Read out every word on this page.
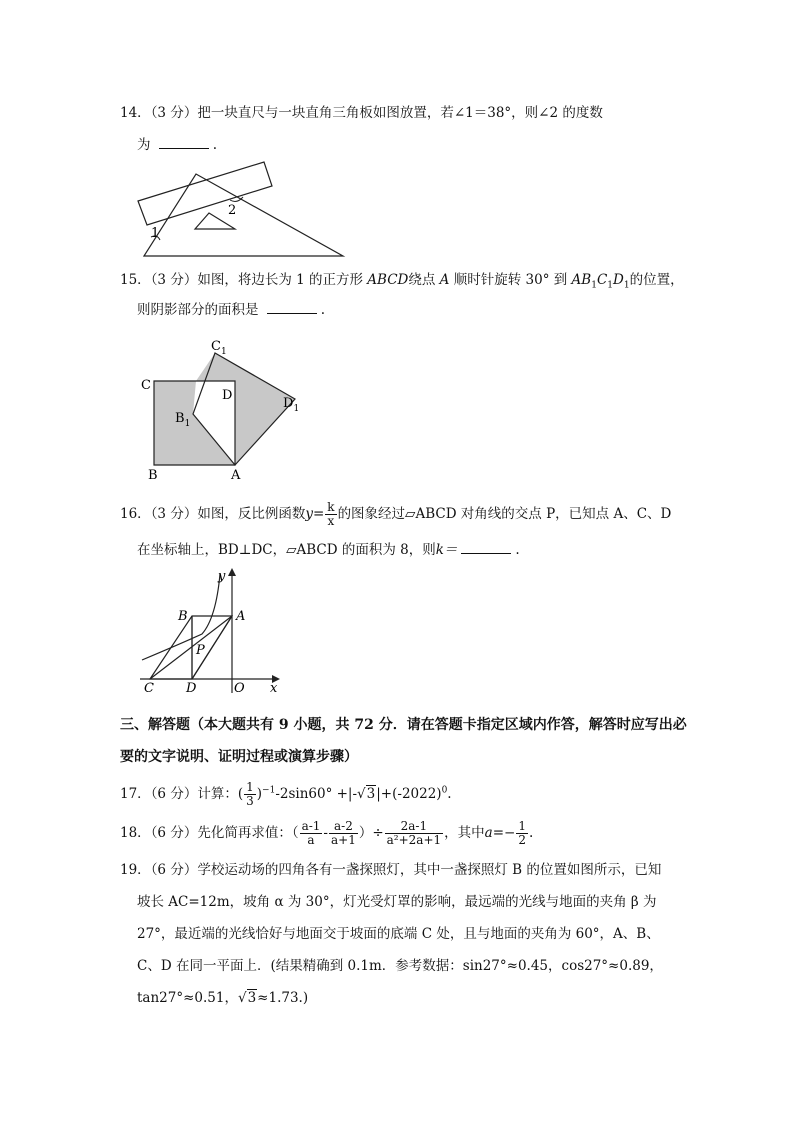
14．（3 分）把一块直尺与一块直角三角板如图放置，若∠1＝38°，则∠2 的度数
为	.
1
2
15．（3 分）如图，将边长为 1 的正方形 ABCD绕点 A 顺时针旋转 30° 到 $AB_1C_1D_1$的位置，
则阴影部分的面积是	.
$C_1$
C
D
$D_1$
$B_1$
B	A
16．（3 分）如图，反比例函数$y= \frac{k}{x}$ 的图象经过▱ABCD 对角线的交点 P，已知点 A、C、D
在坐标轴上，BD⊥DC，▱ABCD 的面积为 8，则k＝	.
y
B	A
P
C D	O x
三、解答题（本大题共有 9 小题，共 72 分．请在答题卡指定区域内作答，解答时应写出必
要的文字说明、证明过程或演算步骤）
17．（6 分）计算：( $\frac{1}{3} )^{-1}-2\sin 60^\circ +|-√3|+(-2022)^0$.
18．（6 分）先化简再求值：（ $\frac{a-1}{a} - \frac{a-2}{a+1}$ ）÷ $\frac{2a-1}{\text{a²+2a+1}}$ ，其中$a=- \frac{1}{2}$ .
19．（6 分）学校运动场的四角各有一盏探照灯，其中一盏探照灯 B 的位置如图所示，已知
坡长 AC=12m，坡角 α 为 30°，灯光受灯罩的影响，最远端的光线与地面的夹角 β 为
27°，最近端的光线恰好与地面交于坡面的底端 C 处，且与地面的夹角为 60°，A、B、
C、D 在同一平面上．(结果精确到 0.1m．参考数据：sin27°≈0.45，cos27°≈0.89，
tan27°≈0.51，√3≈1.73.)
